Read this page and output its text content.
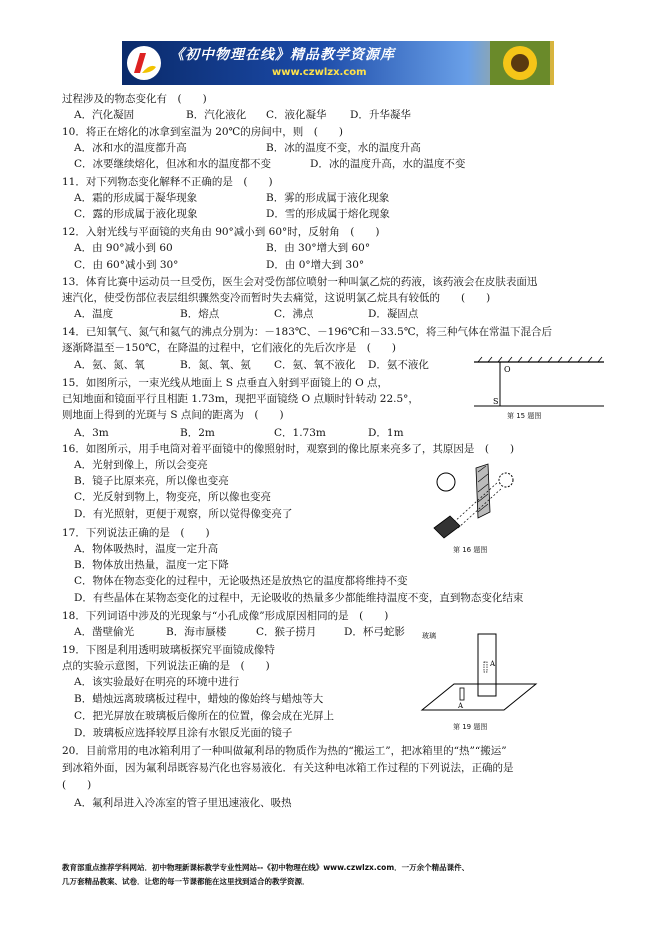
《初中物理在线》精品教学资源库
www.czwlzx.com
过程涉及的物态变化有　(　　)
A．汽化凝固	B．汽化液化 C．液化凝华 D．升华凝华
10．将正在熔化的冰拿到室温为 20℃的房间中，则　(　　)
A．冰和水的温度都升高	B．冰的温度不变，水的温度升高
C．冰要继续熔化，但冰和水的温度都不变	D．冰的温度升高，水的温度不变
11．对下列物态变化解释不正确的是　(　　)
A．霜的形成属于凝华现象	B．雾的形成属于液化现象
C．露的形成属于液化现象	D．雪的形成属于熔化现象
12．入射光线与平面镜的夹角由 90°减小到 60°时，反射角　(　　)
A．由 90°减小到 60	B．由 30°增大到 60°
C．由 60°减小到 30°	D．由 0°增大到 30°
13．体育比赛中运动员一旦受伤，医生会对受伤部位喷射一种叫氯乙烷的药液，该药液会在皮肤表面迅
速汽化，使受伤部位表层组织骤然变冷而暂时失去痛觉，这说明氯乙烷具有较低的　　(　　)
A．温度	B．熔点	C．沸点	D．凝固点
14．已知氧气、氮气和氦气的沸点分别为：－183℃、－196℃和－33.5℃，将三种气体在常温下混合后
逐渐降温至－150℃，在降温的过程中，它们液化的先后次序是　(　　)
A．氨、氮、氧	B．氮、氧、氨 C．氨、氧不液化 D．氨不液化
15．如图所示，一束光线从地面上 S 点垂直入射到平面镜上的 O 点，
已知地面和镜面平行且相距 1.73m，现把平面镜绕 O 点顺时针转动 22.5°，
则地面上得到的光斑与 S 点间的距离为　(　　)
A．3m	B．2m	C．1.73m	D．1m
O
S
第 15 题图
16．如图所示，用手电筒对着平面镜中的像照射时，观察到的像比原来亮多了，其原因是　(　　)
A．光射到像上，所以会变亮
B．镜子比原来亮，所以像也变亮
C．光反射到物上，物变亮，所以像也变亮
D．有光照射，更便于观察，所以觉得像变亮了
第 16 题图
17．下列说法正确的是　(　　)
A．物体吸热时，温度一定升高
B．物体放出热量，温度一定下降
C．物体在物态变化的过程中，无论吸热还是放热它的温度都将维持不变
D．有些晶体在某物态变化的过程中，无论吸收的热量多少都能维持温度不变，直到物态变化结束
18．下列词语中涉及的光现象与“小孔成像”形成原因相同的是　(　　)
A．凿壁偷光	B．海市蜃楼	C．猴子捞月	D．杯弓蛇影
19．下图是利用透明玻璃板探究平面镜成像特
点的实验示意图，下列说法正确的是　(　　)
A．该实验最好在明亮的环境中进行
B．蜡烛远离玻璃板过程中，蜡烛的像始终与蜡烛等大
C．把光屏放在玻璃板后像所在的位置，像会成在光屏上
D．玻璃板应选择较厚且涂有水银反光面的镜子
玻璃
A'
A
第 19 题图
20．目前常用的电冰箱利用了一种叫做氟利昂的物质作为热的“搬运工”，把冰箱里的“热”“搬运”
到冰箱外面，因为氟利昂既容易汽化也容易液化．有关这种电冰箱工作过程的下列说法，正确的是
(　　)
A．氟利昂进入冷冻室的管子里迅速液化、吸热
教育部重点推荐学科网站．初中物理新课标教学专业性网站--《初中物理在线》www.czwlzx.com．一万余个精品课件、
几万套精品教案、试卷．让您的每一节课都能在这里找到适合的教学资源．
